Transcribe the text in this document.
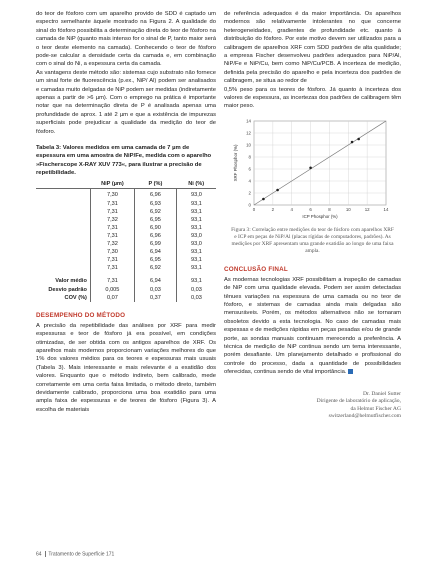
do teor de fósforo com um aparelho provido de SDD é captado um espectro semelhante àquele mostrado na Figura 2. A qualidade do sinal do fósforo possibilita a determinação direta do teor de fósforo na camada de NiP (quanto mais intenso for o sinal de P, tanto maior será o teor deste elemento na camada). Conhecendo o teor de fósforo pode-se calcular a densidade certa da camada e, em combinação com o sinal do Ni, a espessura certa da camada.

As vantagens deste método são: sistemas cujo substrato não fornece um sinal forte de fluorescência (p.ex., NiP/ Al) podem ser analisados e camadas muito delgadas de NiP podem ser medidas (indiretamente apenas a partir de >6 µm). Com o emprego na prática é importante notar que na determinação direta de P é analisada apenas uma profundidade de aprox. 1 até 2 µm e que a existência de impurezas superficiais pode prejudicar a qualidade da medição do teor de fósforo.

Tabela 3: Valores medidos em uma camada de 7 µm de espessura em uma amostra de NiP/Fe, medida com o aparelho »Fischerscope X-RAY XUV 773«, para ilustrar a precisão de repetibilidade.

	NiP (µm)	P (%)	Ni (%)
	7,30	6,96	93,0
	7,31	6,93	93,1
	7,31	6,92	93,1
	7,32	6,95	93,1
	7,31	6,90	93,1
	7,31	6,96	93,0
	7,32	6,99	93,0
	7,30	6,94	93,1
	7,31	6,95	93,1
	7,31	6,92	93,1

Valor médio	7,31	6,94	93,1
Desvio padrão	0,005	0,03	0,03
COV (%)	0,07	0,37	0,03
DESEMPENHO DO MÉTODO

A precisão da repetibilidade das análises por XRF para medir espessuras e teor de fósforo já era possível, em condições otimizadas, de ser obtida com os antigos aparelhos de XRF. Os aparelhos mais modernos proporcionam variações melhores do que 1% dos valores médios para os teores e espessuras mais usuais (Tabela 3). Mais interessante e mais relevante é a exatidão dos valores. Enquanto que o método indireto, bem calibrado, mede corretamente em uma certa faixa limitada, o método direto, também devidamente calibrado, proporciona uma boa exatidão para uma ampla faixa de espessuras e de teores de fósforo (Figura 3). A escolha de materiais

de referência adequados é da maior importância. Os aparelhos modernos são relativamente intolerantes no que concerne heterogeneidades, gradientes de profundidade etc. quanto à distribuição do fósforo. Por este motivo devem ser utilizados para a calibragem de aparelhos XRF com SDD padrões de alta qualidade; a empresa Fischer desenvolveu padrões adequados para NiP/Al, NiP/Fe e NiP/Cu, bem como NiP/Cu/PCB. A incerteza de medição, definida pela precisão do aparelho e pela incerteza dos padrões de calibragem, se situa ao redor de

0,5% peso para os teores de fósforo. Já quanto à incerteza dos valores de espessura, as incertezas dos padrões de calibragem têm maior peso.

0
2
4
6
8
10
12
14
0	2	4	6	8	10	12	14
ICP Phosphor (%)
XRF Phosphor (%)

Figura 3: Correlação entre medições do teor de fósforo com aparelhos XRF e ICP em peças de NiP/Al (placas rígidas de computadores, padrões). As medições por XRF apresentam uma grande exatidão ao longo de uma faixa ampla.

CONCLUSÃO FINAL

As modernas tecnologias XRF possibilitam a inspeção de camadas de NiP com uma qualidade elevada. Podem ser assim detectadas tênues variações na espessura de uma camada ou no teor de fósforo, e sistemas de camadas ainda mais delgadas são mensuráveis. Porém, os métodos alternativos não se tornaram obsoletos devido a esta tecnologia. No caso de camadas mais espessas e de medições rápidas em peças pesadas e/ou de grande porte, as sondas manuais continuam merecendo a preferência. A técnica de medição de NiP continua sendo um tema interessante, porém desafiante. Um planejamento detalhado e profissional do controle do processo, dada a quantidade de possibilidades oferecidas, continua sendo de vital importância.

Dr. Daniel Sutter
Dirigente de laboratório de aplicação,
da Helmut Fischer AG
switzerland@helmutfischer.com
64 Tratamento de Superfície 171
